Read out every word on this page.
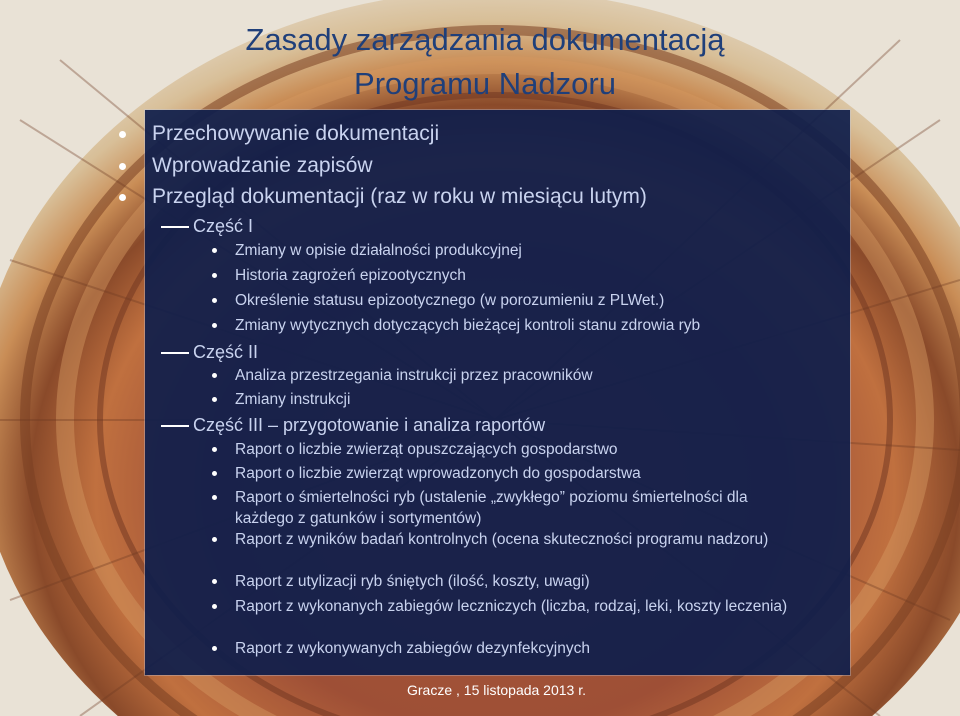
Zasady zarządzania dokumentacją
Programu Nadzoru
Przechowywanie dokumentacji
Wprowadzanie zapisów
Przegląd dokumentacji (raz w roku w miesiącu lutym)
Część I
Zmiany w opisie działalności produkcyjnej
Historia zagrożeń epizootycznych
Określenie statusu epizootycznego (w porozumieniu z PLWet.)
Zmiany wytycznych dotyczących bieżącej kontroli stanu zdrowia ryb
Część II
Analiza przestrzegania instrukcji przez pracowników
Zmiany instrukcji
Część III – przygotowanie i analiza raportów
Raport o liczbie zwierząt opuszczających gospodarstwo
Raport o liczbie zwierząt wprowadzonych do gospodarstwa
Raport o śmiertelności ryb (ustalenie „zwykłego” poziomu śmiertelności dla każdego z gatunków i sortymentów)
Raport z wyników badań kontrolnych (ocena skuteczności programu nadzoru)
Raport z utylizacji ryb śniętych (ilość, koszty, uwagi)
Raport z wykonanych zabiegów leczniczych (liczba, rodzaj, leki, koszty leczenia)
Raport z wykonywanych zabiegów dezynfekcyjnych
Gracze , 15 listopada 2013 r.
